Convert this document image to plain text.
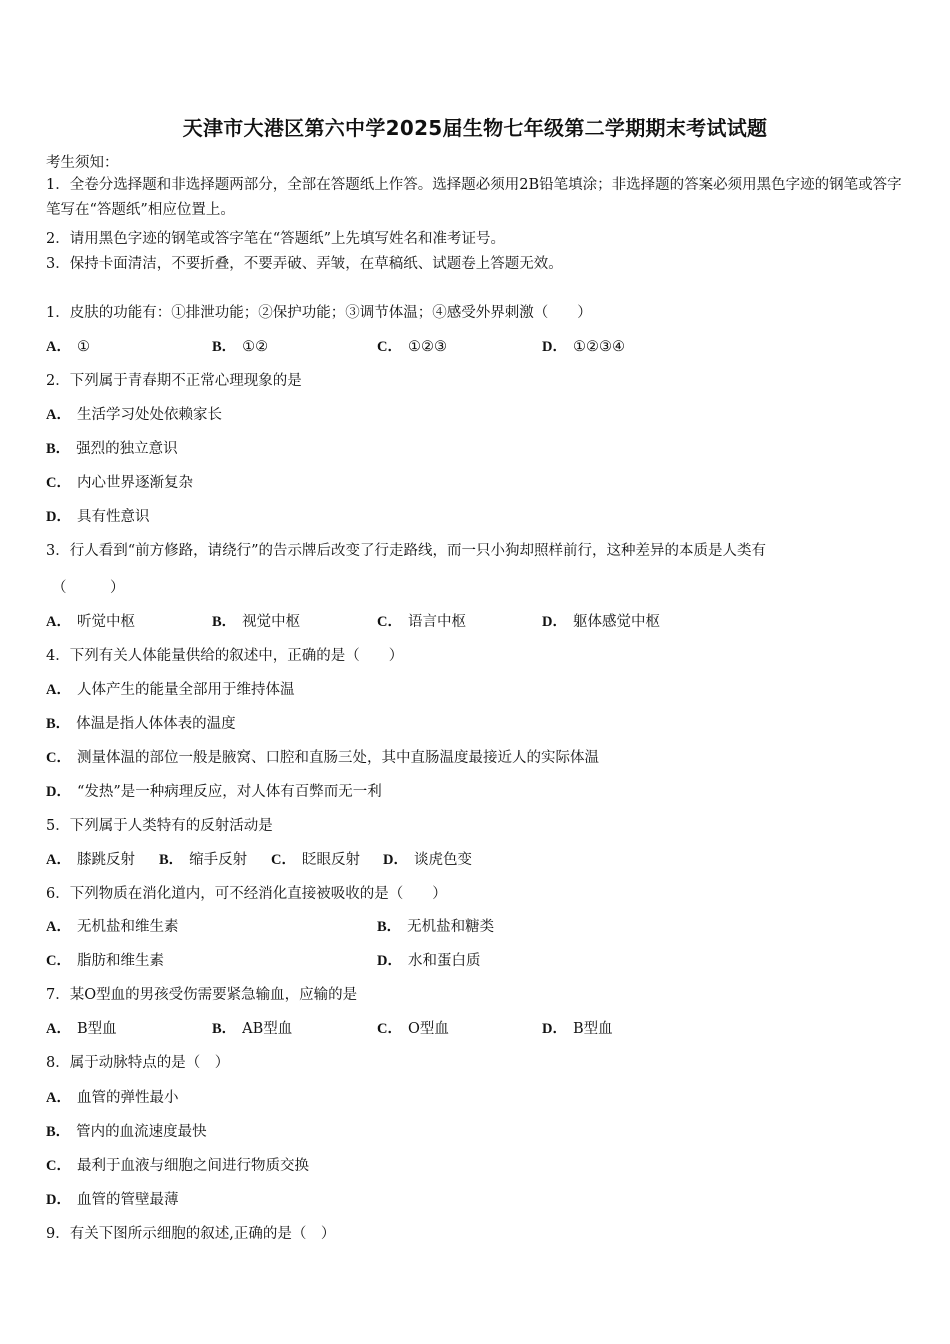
天津市大港区第六中学2025届生物七年级第二学期期末考试试题
考生须知：
1．全卷分选择题和非选择题两部分，全部在答题纸上作答。选择题必须用2B铅笔填涂；非选择题的答案必须用黑色字迹的钢笔或答字笔写在“答题纸”相应位置上。
2．请用黑色字迹的钢笔或答字笔在“答题纸”上先填写姓名和准考证号。
3．保持卡面清洁，不要折叠，不要弄破、弄皱，在草稿纸、试题卷上答题无效。
1．皮肤的功能有：①排泄功能；②保护功能；③调节体温；④感受外界刺激（　　）
A． ①	B． ①②	C． ①②③	D． ①②③④
2．下列属于青春期不正常心理现象的是
A． 生活学习处处依赖家长
B． 强烈的独立意识
C． 内心世界逐渐复杂
D． 具有性意识
3．行人看到“前方修路，请绕行”的告示牌后改变了行走路线，而一只小狗却照样前行，这种差异的本质是人类有
（　　　）
A． 听觉中枢	B． 视觉中枢	C． 语言中枢	D． 躯体感觉中枢
4．下列有关人体能量供给的叙述中，正确的是（　　）
A． 人体产生的能量全部用于维持体温
B． 体温是指人体体表的温度
C． 测量体温的部位一般是腋窝、口腔和直肠三处，其中直肠温度最接近人的实际体温
D． “发热”是一种病理反应，对人体有百弊而无一利
5．下列属于人类特有的反射活动是
A． 膝跳反射 B． 缩手反射 C． 眨眼反射 D． 谈虎色变
6．下列物质在消化道内，可不经消化直接被吸收的是（　　）
A． 无机盐和维生素	B． 无机盐和糖类
C． 脂肪和维生素	D． 水和蛋白质
7．某O型血的男孩受伤需要紧急输血，应输的是
A． B型血	B． AB型血	C． O型血	D． B型血
8．属于动脉特点的是（　）
A． 血管的弹性最小
B． 管内的血流速度最快
C． 最利于血液与细胞之间进行物质交换
D． 血管的管壁最薄
9．有关下图所示细胞的叙述,正确的是（　）
